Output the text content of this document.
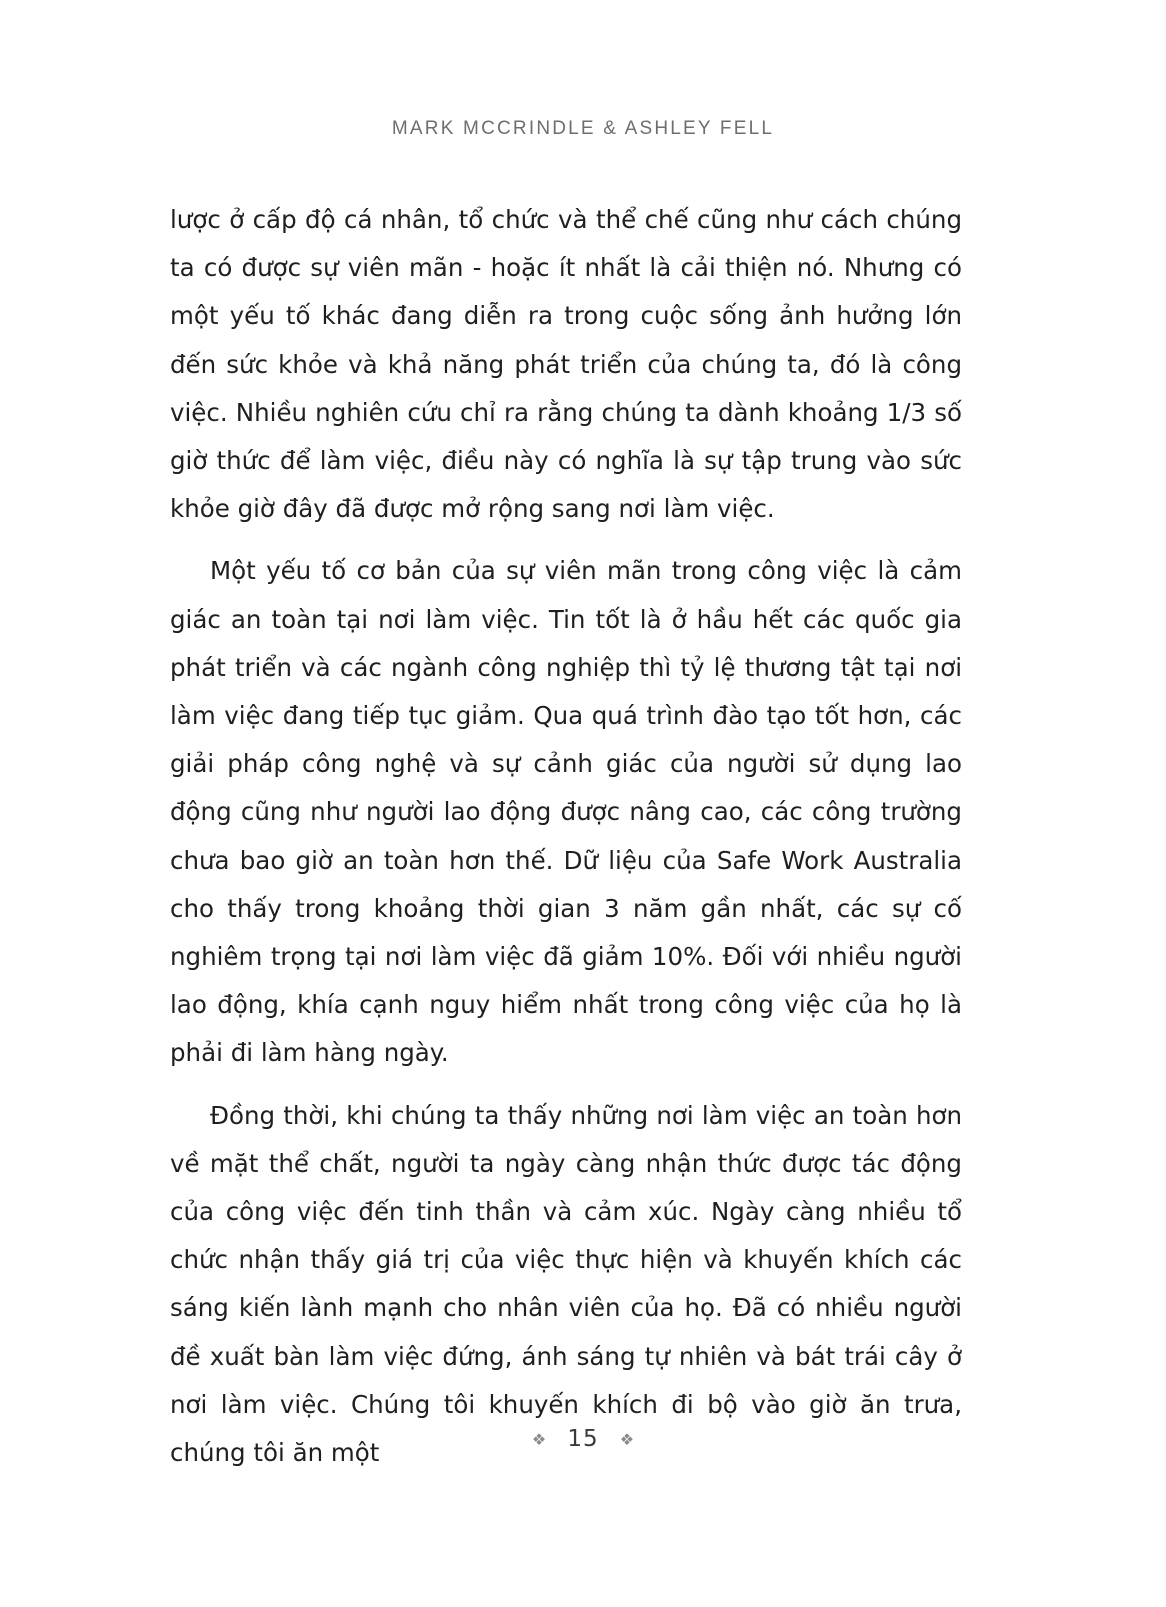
MARK MCCRINDLE & ASHLEY FELL

lược ở cấp độ cá nhân, tổ chức và thể chế cũng như cách chúng ta có được sự viên mãn - hoặc ít nhất là cải thiện nó. Nhưng có một yếu tố khác đang diễn ra trong cuộc sống ảnh hưởng lớn đến sức khỏe và khả năng phát triển của chúng ta, đó là công việc. Nhiều nghiên cứu chỉ ra rằng chúng ta dành khoảng 1/3 số giờ thức để làm việc, điều này có nghĩa là sự tập trung vào sức khỏe giờ đây đã được mở rộng sang nơi làm việc.

Một yếu tố cơ bản của sự viên mãn trong công việc là cảm giác an toàn tại nơi làm việc. Tin tốt là ở hầu hết các quốc gia phát triển và các ngành công nghiệp thì tỷ lệ thương tật tại nơi làm việc đang tiếp tục giảm. Qua quá trình đào tạo tốt hơn, các giải pháp công nghệ và sự cảnh giác của người sử dụng lao động cũng như người lao động được nâng cao, các công trường chưa bao giờ an toàn hơn thế. Dữ liệu của Safe Work Australia cho thấy trong khoảng thời gian 3 năm gần nhất, các sự cố nghiêm trọng tại nơi làm việc đã giảm 10%. Đối với nhiều người lao động, khía cạnh nguy hiểm nhất trong công việc của họ là phải đi làm hàng ngày.

Đồng thời, khi chúng ta thấy những nơi làm việc an toàn hơn về mặt thể chất, người ta ngày càng nhận thức được tác động của công việc đến tinh thần và cảm xúc. Ngày càng nhiều tổ chức nhận thấy giá trị của việc thực hiện và khuyến khích các sáng kiến lành mạnh cho nhân viên của họ. Đã có nhiều người đề xuất bàn làm việc đứng, ánh sáng tự nhiên và bát trái cây ở nơi làm việc. Chúng tôi khuyến khích đi bộ vào giờ ăn trưa, chúng tôi ăn một	❖ 15 ❖
